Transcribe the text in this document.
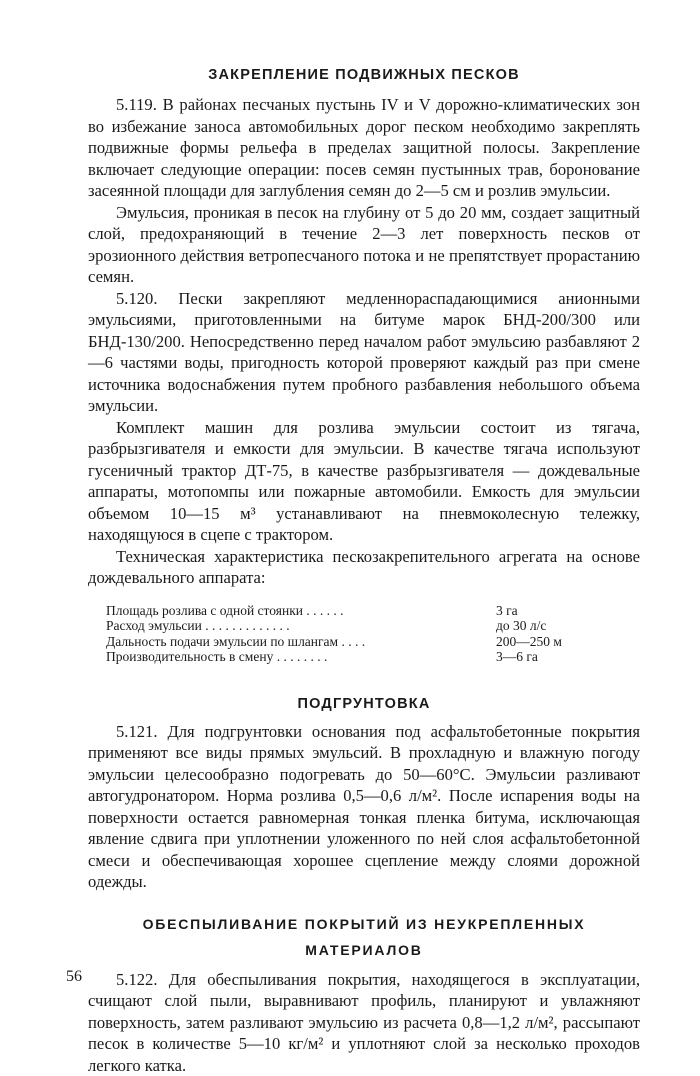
ЗАКРЕПЛЕНИЕ ПОДВИЖНЫХ ПЕСКОВ

5.119. В районах песчаных пустынь IV и V дорожно-климатических зон во избежание заноса автомобильных дорог песком необходимо закреплять подвижные формы рельефа в пределах защитной полосы. Закрепление включает следующие операции: посев семян пустынных трав, боронование засеянной площади для заглубления семян до 2—5 см и розлив эмульсии.

Эмульсия, проникая в песок на глубину от 5 до 20 мм, создает защитный слой, предохраняющий в течение 2—3 лет поверхность песков от эрозионного действия ветропесчаного потока и не препятствует прорастанию семян.

5.120. Пески закрепляют медленнораспадающимися анионными эмульсиями, приготовленными на битуме марок БНД-200/300 или БНД-130/200. Непосредственно перед началом работ эмульсию разбавляют 2—6 частями воды, пригодность которой проверяют каждый раз при смене источника водоснабжения путем пробного разбавления небольшого объема эмульсии.

Комплект машин для розлива эмульсии состоит из тягача, разбрызгивателя и емкости для эмульсии. В качестве тягача используют гусеничный трактор ДТ-75, в качестве разбрызгивателя — дождевальные аппараты, мотопомпы или пожарные автомобили. Емкость для эмульсии объемом 10—15 м³ устанавливают на пневмоколесную тележку, находящуюся в сцепе с трактором.

Техническая характеристика пескозакрепительного агрегата на основе дождевального аппарата:

Площадь розлива с одной стоянки . . . . . .	3 га
Расход эмульсии . . . . . . . . . . . . .	до 30 л/с
Дальность подачи эмульсии по шлангам . . . .	200—250 м
Производительность в смену . . . . . . . .	3—6 га
ПОДГРУНТОВКА

5.121. Для подгрунтовки основания под асфальтобетонные покрытия применяют все виды прямых эмульсий. В прохладную и влажную погоду эмульсии целесообразно подогревать до 50—60°С. Эмульсии разливают автогудронатором. Норма розлива 0,5—0,6 л/м². После испарения воды на поверхности остается равномерная тонкая пленка битума, исключающая явление сдвига при уплотнении уложенного по ней слоя асфальтобетонной смеси и обеспечивающая хорошее сцепление между слоями дорожной одежды.

ОБЕСПЫЛИВАНИЕ ПОКРЫТИЙ ИЗ НЕУКРЕПЛЕННЫХ МАТЕРИАЛОВ

5.122. Для обеспыливания покрытия, находящегося в эксплуатации, счищают слой пыли, выравнивают профиль, планируют и увлажняют поверхность, затем разливают эмульсию из расчета 0,8—1,2 л/м², рассыпают песок в количестве 5—10 кг/м² и уплотняют слой за несколько проходов легкого катка.

56
